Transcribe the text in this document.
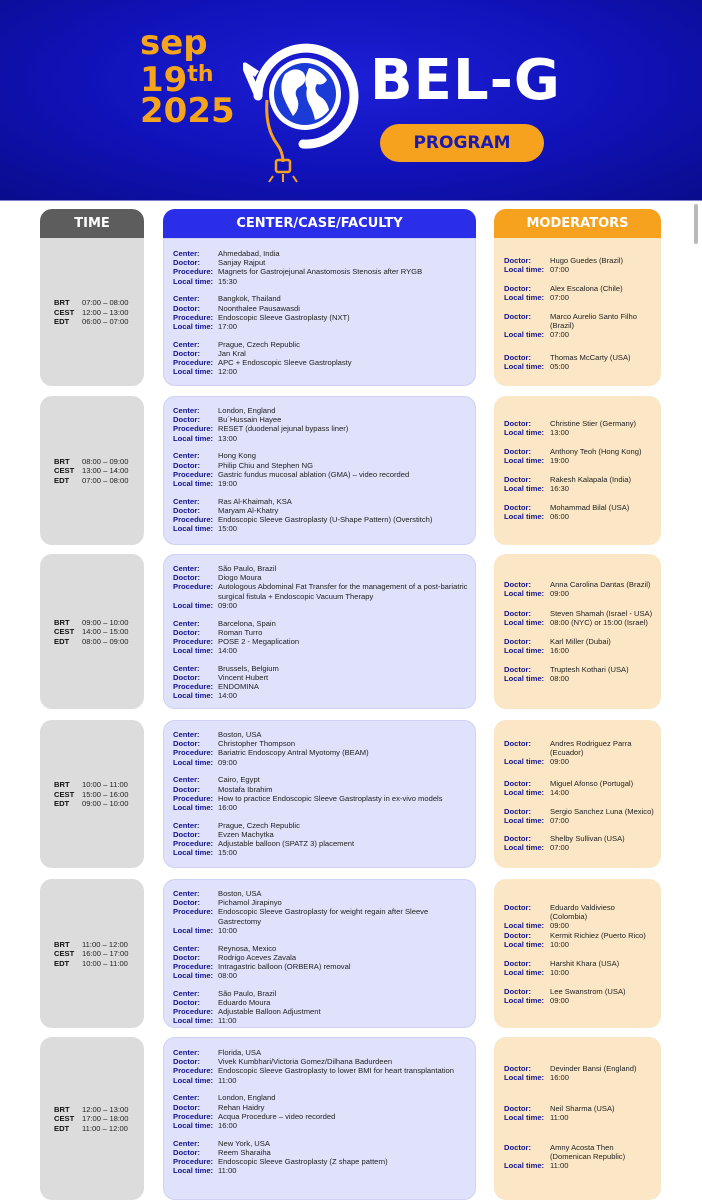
sep
19th
2025 BEL-G
PROGRAM
TIME	CENTER/CASE/FACULTY	MODERATORS
BRT	07:00 – 08:00
CEST	12:00 – 13:00
EDT	06:00 – 07:00
Center:	Ahmedabad, India
Doctor:	Sanjay Rajput
Procedure: Magnets for Gastrojejunal Anastomosis Stenosis after RYGB
Local time: 15:30
Center:	Bangkok, Thailand
Doctor:	Noonthalee Pausawasdi
Procedure: Endoscopic Sleeve Gastroplasty (NXT)
Local time: 17:00
Center:	Prague, Czech Republic
Doctor:	Jan Kral
Procedure: APC + Endoscopic Sleeve Gastroplasty
Local time: 12:00
Doctor:	Hugo Guedes (Brazil)
Local time: 07:00
Doctor:	Alex Escalona (Chile)
Local time: 07:00
Doctor:	Marco Aurelio Santo Filho (Brazil)
Local time: 07:00
Doctor:	Thomas McCarty (USA)
Local time: 05:00
BRT	08:00 – 09:00
CEST	13:00 – 14:00
EDT	07:00 – 08:00
Center:	London, England
Doctor:	Bu´Hussain Hayee
Procedure: RESET (duodenal jejunal bypass liner)
Local time: 13:00
Center:	Hong Kong
Doctor:	Philip Chiu and Stephen NG
Procedure: Gastric fundus mucosal ablation (GMA) – video recorded
Local time: 19:00
Center:	Ras Al-Khaimah, KSA
Doctor:	Maryam Al-Khatry
Procedure: Endoscopic Sleeve Gastroplasty (U-Shape Pattern) (Overstitch)
Local time: 15:00
Doctor:	Christine Stier (Germany)
Local time: 13:00
Doctor:	Anthony Teoh (Hong Kong)
Local time: 19:00
Doctor:	Rakesh Kalapala (India)
Local time: 16:30
Doctor:	Mohammad Bilal (USA)
Local time: 06:00
BRT	09:00 – 10:00
CEST	14:00 – 15:00
EDT	08:00 – 09:00
Center:	São Paulo, Brazil
Doctor:	Diogo Moura
Procedure: Autologous Abdominal Fat Transfer for the management of a post-bariatric surgical fistula + Endoscopic Vacuum Therapy
Local time: 09:00
Center:	Barcelona, Spain
Doctor:	Roman Turro
Procedure: POSE 2 - Megaplication
Local time: 14:00
Center:	Brussels, Belgium
Doctor:	Vincent Hubert
Procedure: ENDOMINA
Local time: 14:00
Doctor:	Anna Carolina Dantas (Brazil)
Local time: 09:00
Doctor:	Steven Shamah (Israel - USA)
Local time: 08:00 (NYC) or 15:00 (Israel)
Doctor:	Karl Miller (Dubai)
Local time: 16:00
Doctor:	Truptesh Kothari (USA)
Local time: 08:00
BRT	10:00 – 11:00
CEST	15:00 – 16:00
EDT	09:00 – 10:00
Center:	Boston, USA
Doctor:	Christopher Thompson
Procedure: Bariatric Endoscopy Antral Myotomy (BEAM)
Local time: 09:00
Center:	Cairo, Egypt
Doctor:	Mostafa Ibrahim
Procedure: How to practice Endoscopic Sleeve Gastroplasty in ex-vivo models
Local time: 16:00
Center:	Prague, Czech Republic
Doctor:	Evzen Machytka
Procedure: Adjustable balloon (SPATZ 3) placement
Local time: 15:00
Doctor:	Andres Rodriguez Parra (Ecuador)
Local time: 09:00
Doctor:	Miguel Afonso (Portugal)
Local time: 14:00
Doctor:	Sergio Sanchez Luna (Mexico)
Local time: 07:00
Doctor:	Shelby Sullivan (USA)
Local time: 07:00
BRT	11:00 – 12:00
CEST	16:00 – 17:00
EDT	10:00 – 11:00
Center:	Boston, USA
Doctor:	Pichamol Jirapinyo
Procedure: Endoscopic Sleeve Gastroplasty for weight regain after Sleeve Gastrectomy
Local time: 10:00
Center:	Reynosa, Mexico
Doctor:	Rodrigo Aceves Zavala
Procedure: Intragastric balloon (ORBERA) removal
Local time: 08:00
Center:	São Paulo, Brazil
Doctor:	Eduardo Moura
Procedure: Adjustable Balloon Adjustment
Local time: 11:00
Doctor:	Eduardo Valdivieso (Colombia)
Local time: 09:00
Doctor:	Kermit Richiez (Puerto Rico)
Local time: 10:00
Doctor:	Harshit Khara (USA)
Local time: 10:00
Doctor:	Lee Swanstrom (USA)
Local time: 09:00
BRT	12:00 – 13:00
CEST	17:00 – 18:00
EDT	11:00 – 12:00
Center:	Florida, USA
Doctor:	Vivek Kumbhari/Victoria Gomez/Dilhana Badurdeen
Procedure: Endoscopic Sleeve Gastroplasty to lower BMI for heart transplantation
Local time: 11:00
Center:	London, England
Doctor:	Rehan Haidry
Procedure: Acqua Procedure – video recorded
Local time: 16:00
Center:	New York, USA
Doctor:	Reem Sharaiha
Procedure: Endoscopic Sleeve Gastroplasty (Z shape pattern)
Local time: 11:00
Doctor:	Devinder Bansi (England)
Local time: 16:00
Doctor:	Neil Sharma (USA)
Local time: 11:00
Doctor:	Amny Acosta Then (Domenican Republic)
Local time: 11:00
